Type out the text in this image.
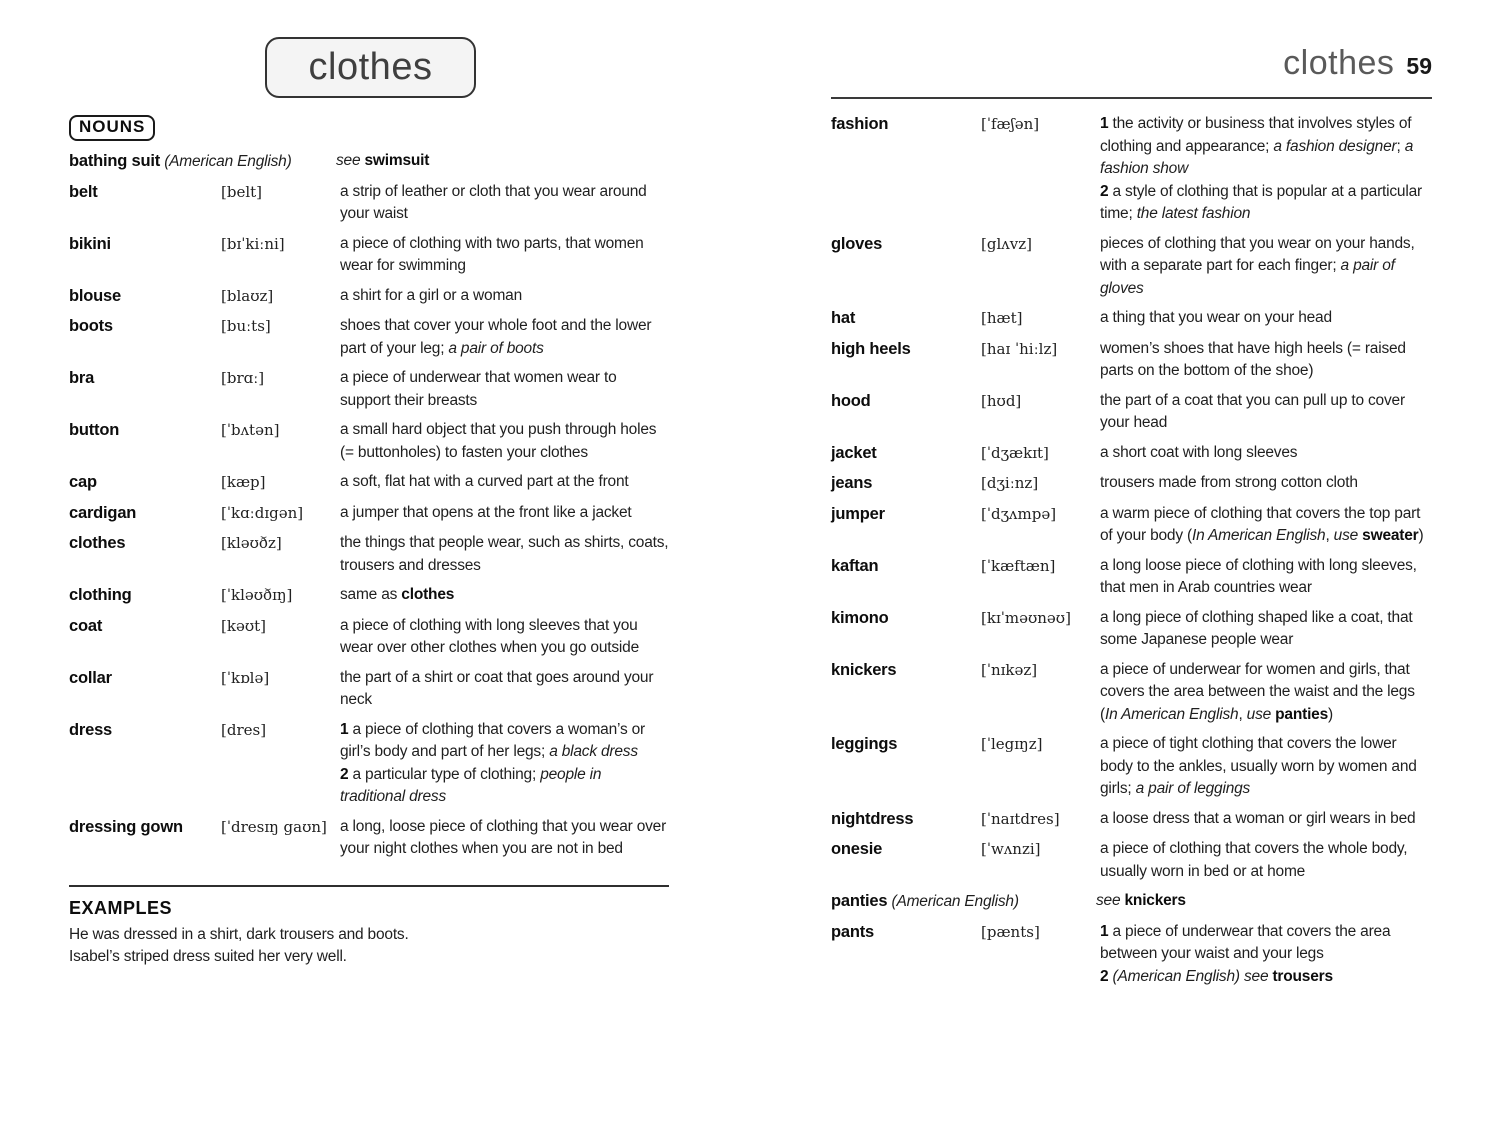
clothes	clothes 59
NOUNS
bathing suit (American English)	see swimsuit
belt	[belt]	a strip of leather or cloth that you wear around your waist
bikini	[bɪˈkiːni]	a piece of clothing with two parts, that women wear for swimming
blouse	[blaʊz]	a shirt for a girl or a woman
boots	[buːts]	shoes that cover your whole foot and the lower part of your leg; a pair of boots
bra	[brɑː]	a piece of underwear that women wear to support their breasts
button	[ˈbʌtən]	a small hard object that you push through holes (= buttonholes) to fasten your clothes
cap	[kæp]	a soft, flat hat with a curved part at the front
cardigan	[ˈkɑːdɪgən]	a jumper that opens at the front like a jacket
clothes	[kləʊðz]	the things that people wear, such as shirts, coats, trousers and dresses
clothing	[ˈkləʊðɪŋ]	same as clothes
coat	[kəʊt]	a piece of clothing with long sleeves that you wear over other clothes when you go outside
collar	[ˈkɒlə]	the part of a shirt or coat that goes around your neck
dress	[dres]	1 a piece of clothing that covers a woman’s or girl’s body and part of her legs; a black dress
2 a particular type of clothing; people in traditional dress
dressing gown	[ˈdresɪŋ gaʊn] a long, loose piece of clothing that you wear over your night clothes when you are not in bed
EXAMPLES
He was dressed in a shirt, dark trousers and boots.
Isabel’s striped dress suited her very well.
fashion	[ˈfæʃən]	1 the activity or business that involves styles of clothing and appearance; a fashion designer; a fashion show
2 a style of clothing that is popular at a particular time; the latest fashion
gloves	[glʌvz]	pieces of clothing that you wear on your hands, with a separate part for each finger; a pair of gloves
hat	[hæt]	a thing that you wear on your head
high heels	[haɪ ˈhiːlz]	women’s shoes that have high heels (= raised parts on the bottom of the shoe)
hood	[hʊd]	the part of a coat that you can pull up to cover your head
jacket	[ˈdʒækɪt]	a short coat with long sleeves
jeans	[dʒiːnz]	trousers made from strong cotton cloth
jumper	[ˈdʒʌmpə]	a warm piece of clothing that covers the top part of your body (In American English, use sweater)
kaftan	[ˈkæftæn]	a long loose piece of clothing with long sleeves, that men in Arab countries wear
kimono	[kɪˈməʊnəʊ]	a long piece of clothing shaped like a coat, that some Japanese people wear
knickers	[ˈnɪkəz]	a piece of underwear for women and girls, that covers the area between the waist and the legs (In American English, use panties)
leggings	[ˈlegɪŋz]	a piece of tight clothing that covers the lower body to the ankles, usually worn by women and girls; a pair of leggings
nightdress	[ˈnaɪtdres]	a loose dress that a woman or girl wears in bed
onesie	[ˈwʌnzi]	a piece of clothing that covers the whole body, usually worn in bed or at home
panties (American English)	see knickers
pants	[pænts]	1 a piece of underwear that covers the area between your waist and your legs
2 (American English) see trousers
